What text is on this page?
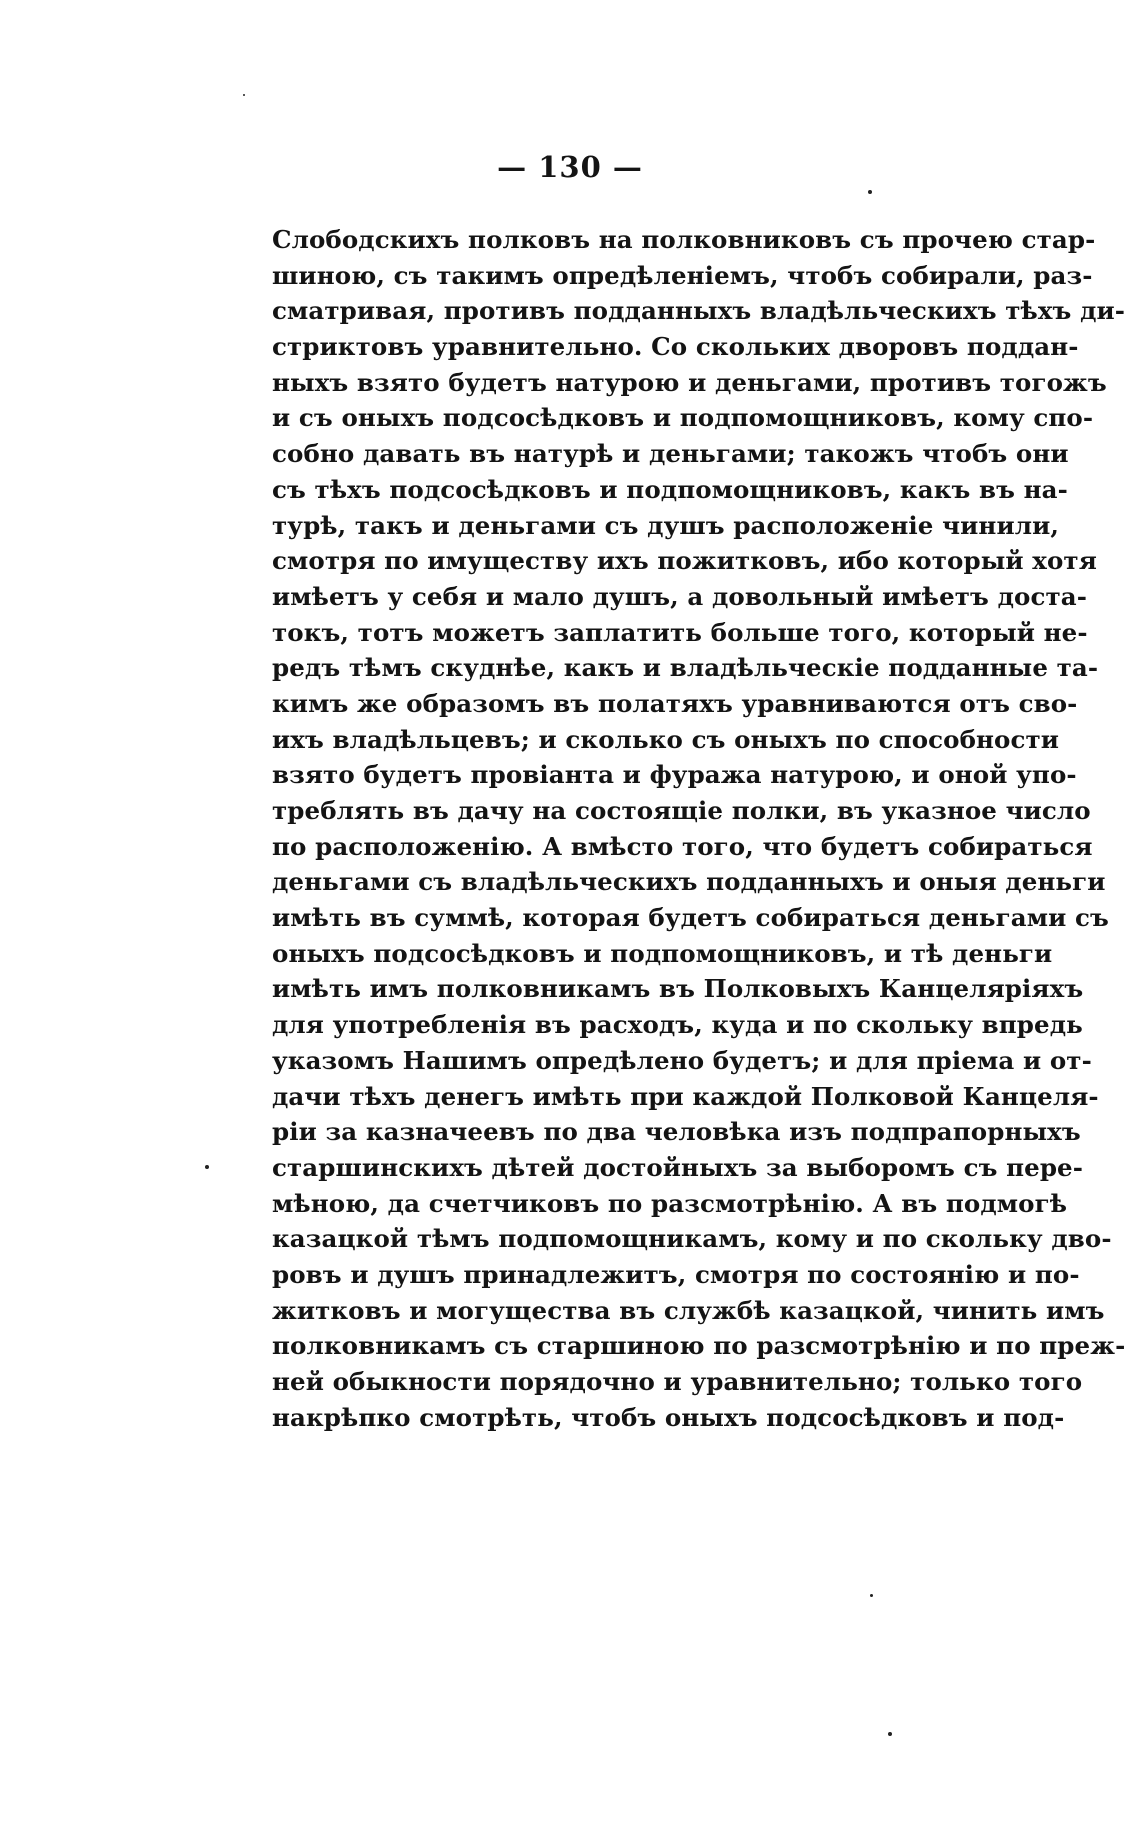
— 130 —
Слободскихъ полковъ на полковниковъ съ прочею стар-
шиною, съ такимъ опредѣленіемъ, чтобъ собирали, раз-
сматривая, противъ подданныхъ владѣльческихъ тѣхъ ди-
стриктовъ уравнительно. Со скольких дворовъ поддан-
ныхъ взято будетъ натурою и деньгами, противъ тогожъ
и съ оныхъ подсосѣдковъ и подпомощниковъ, кому спо-
собно давать въ натурѣ и деньгами; такожъ чтобъ они
съ тѣхъ подсосѣдковъ и подпомощниковъ, какъ въ на-
турѣ, такъ и деньгами съ душъ расположеніе чинили,
смотря по имуществу ихъ пожитковъ, ибо который хотя
имѣетъ у себя и мало душъ, а довольный имѣетъ доста-
токъ, тотъ можетъ заплатить больше того, который не-
редъ тѣмъ скуднѣе, какъ и владѣльческіе подданные та-
кимъ же образомъ въ полатяхъ уравниваются отъ сво-
ихъ владѣльцевъ; и сколько съ оныхъ по способности
взято будетъ провіанта и фуража натурою, и оной упо-
треблять въ дачу на состоящіе полки, въ указное число
по расположенію. А вмѣсто того, что будетъ собираться
деньгами съ владѣльческихъ подданныхъ и оныя деньги
имѣть въ суммѣ, которая будетъ собираться деньгами съ
оныхъ подсосѣдковъ и подпомощниковъ, и тѣ деньги
имѣть имъ полковникамъ въ Полковыхъ Канцеляріяхъ
для употребленія въ расходъ, куда и по скольку впредь
указомъ Нашимъ опредѣлено будетъ; и для пріема и от-
дачи тѣхъ денегъ имѣть при каждой Полковой Канцеля-
ріи за казначеевъ по два человѣка изъ подпрапорныхъ
старшинскихъ дѣтей достойныхъ за выборомъ съ пере-
мѣною, да счетчиковъ по разсмотрѣнію. А въ подмогѣ
казацкой тѣмъ подпомощникамъ, кому и по скольку дво-
ровъ и душъ принадлежитъ, смотря по состоянію и по-
житковъ и могущества въ службѣ казацкой, чинить имъ
полковникамъ съ старшиною по разсмотрѣнію и по преж-
ней обыкности порядочно и уравнительно; только того
накрѣпко смотрѣть, чтобъ оныхъ подсосѣдковъ и под-
